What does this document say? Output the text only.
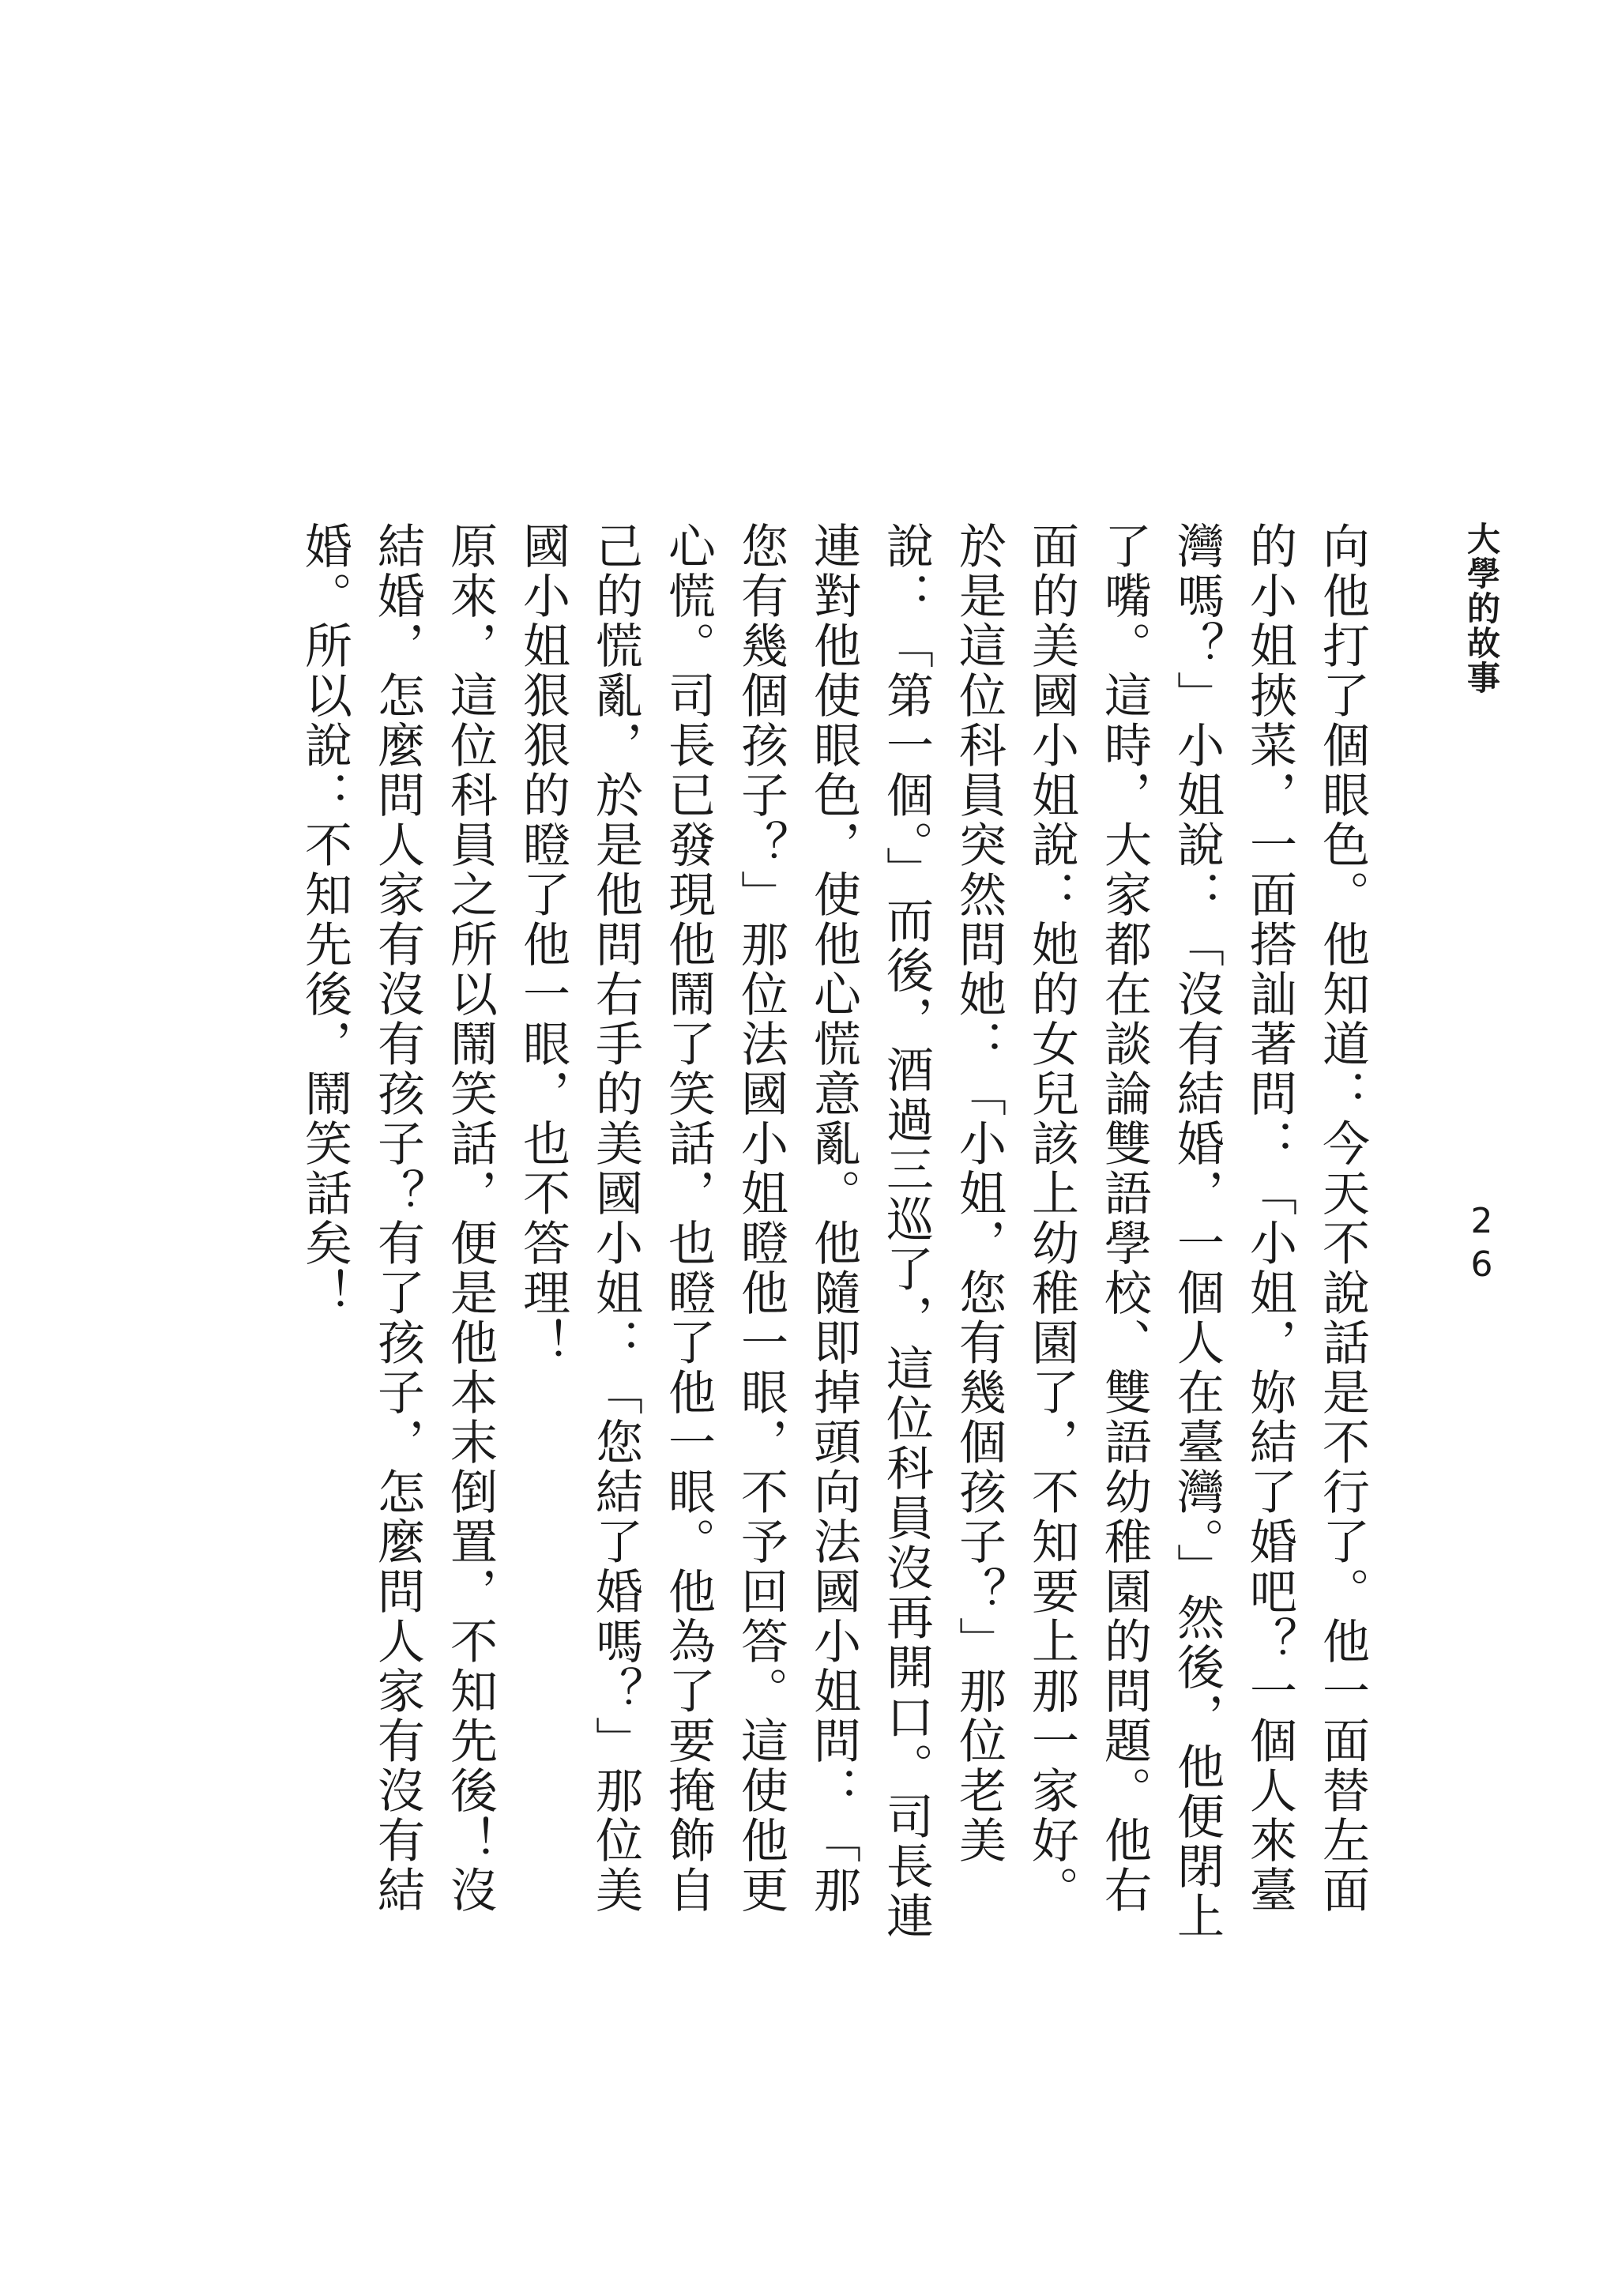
大學的故事
26

向他打了個眼色。他知道：今天不說話是不行了。他一面替左面的小姐挾菜，一面搭訕著問：「小姐，妳結了婚吧？一個人來臺灣嗎？」小姐說：「沒有結婚，一個人在臺灣。」然後，他便閉上了嘴。這時，大家都在談論雙語學校、雙語幼稚園的問題。他右面的美國小姐說：她的女兒該上幼稚園了，不知要上那一家好。於是這位科員突然問她：「小姐，您有幾個孩子？」那位老美說：「第一個。」而後，酒過三巡了，這位科員沒再開口。司長連連對他使眼色，使他心慌意亂。他隨即掉頭向法國小姐問：「那您有幾個孩子？」那位法國小姐瞪他一眼，不予回答。這使他更心慌。司長已發現他鬧了笑話，也瞪了他一眼。他為了要掩飾自己的慌亂，於是他問右手的美國小姐：「您結了婚嗎？」那位美國小姐狠狠的瞪了他一眼，也不答理！

原來，這位科員之所以鬧笑話，便是他本末倒置，不知先後！沒結婚，怎麼問人家有沒有孩子？有了孩子，怎麼問人家有沒有結婚。所以說：不知先後，鬧笑話矣！
